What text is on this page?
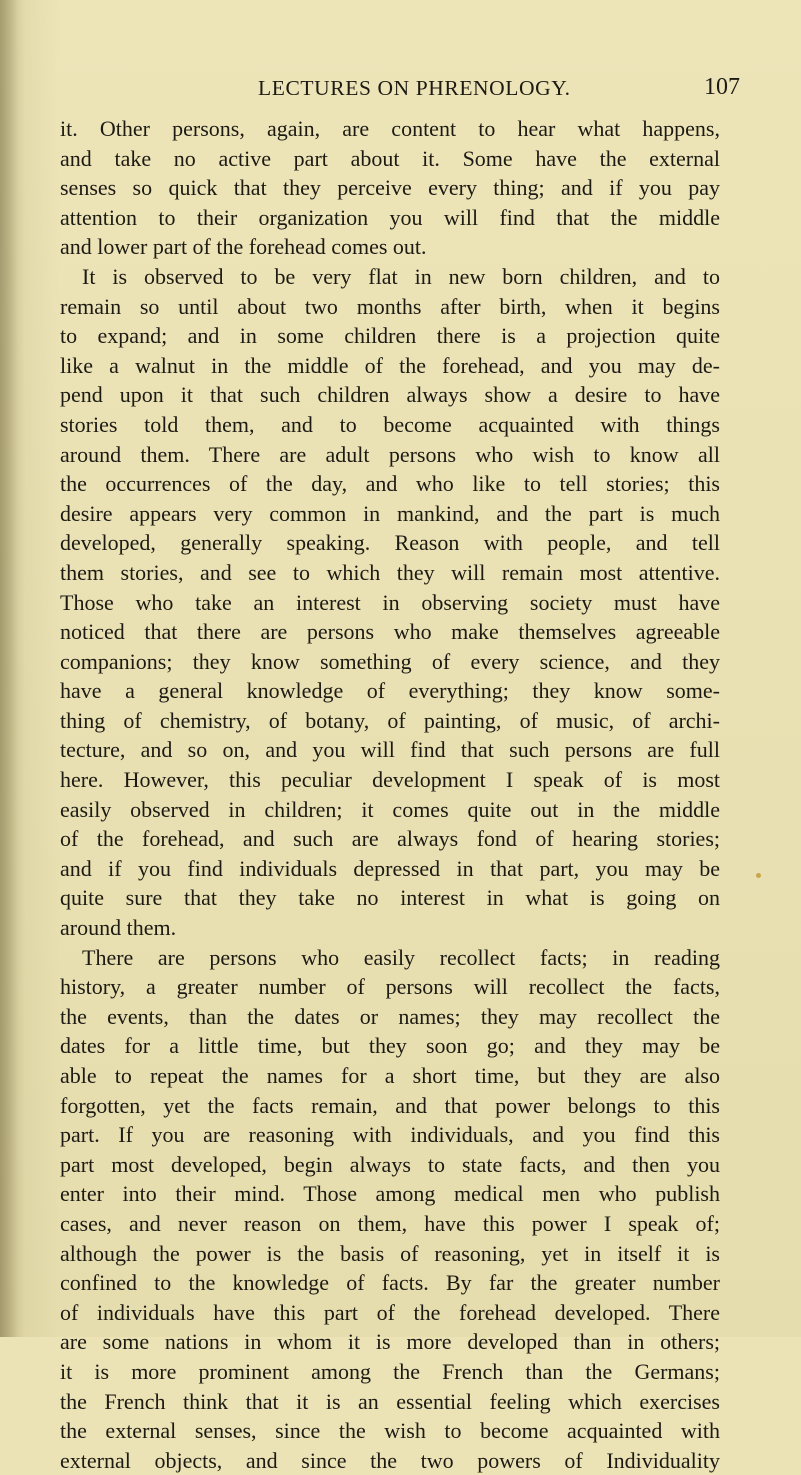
LECTURES ON PHRENOLOGY.	107
it. Other persons, again, are content to hear what happens,
and take no active part about it. Some have the external
senses so quick that they perceive every thing; and if you pay
attention to their organization you will find that the middle
and lower part of the forehead comes out.
It is observed to be very flat in new born children, and to
remain so until about two months after birth, when it begins
to expand; and in some children there is a projection quite
like a walnut in the middle of the forehead, and you may de-
pend upon it that such children always show a desire to have
stories told them, and to become acquainted with things
around them. There are adult persons who wish to know all
the occurrences of the day, and who like to tell stories; this
desire appears very common in mankind, and the part is much
developed, generally speaking. Reason with people, and tell
them stories, and see to which they will remain most attentive.
Those who take an interest in observing society must have
noticed that there are persons who make themselves agreeable
companions; they know something of every science, and they
have a general knowledge of everything; they know some-
thing of chemistry, of botany, of painting, of music, of archi-
tecture, and so on, and you will find that such persons are full
here. However, this peculiar development I speak of is most
easily observed in children; it comes quite out in the middle
of the forehead, and such are always fond of hearing stories;
and if you find individuals depressed in that part, you may be
quite sure that they take no interest in what is going on
around them.
There are persons who easily recollect facts; in reading
history, a greater number of persons will recollect the facts,
the events, than the dates or names; they may recollect the
dates for a little time, but they soon go; and they may be
able to repeat the names for a short time, but they are also
forgotten, yet the facts remain, and that power belongs to this
part. If you are reasoning with individuals, and you find this
part most developed, begin always to state facts, and then you
enter into their mind. Those among medical men who publish
cases, and never reason on them, have this power I speak of;
although the power is the basis of reasoning, yet in itself it is
confined to the knowledge of facts. By far the greater number
of individuals have this part of the forehead developed. There
are some nations in whom it is more developed than in others;
it is more prominent among the French than the Germans;
the French think that it is an essential feeling which exercises
the external senses, since the wish to become acquainted with
external objects, and since the two powers of Individuality
